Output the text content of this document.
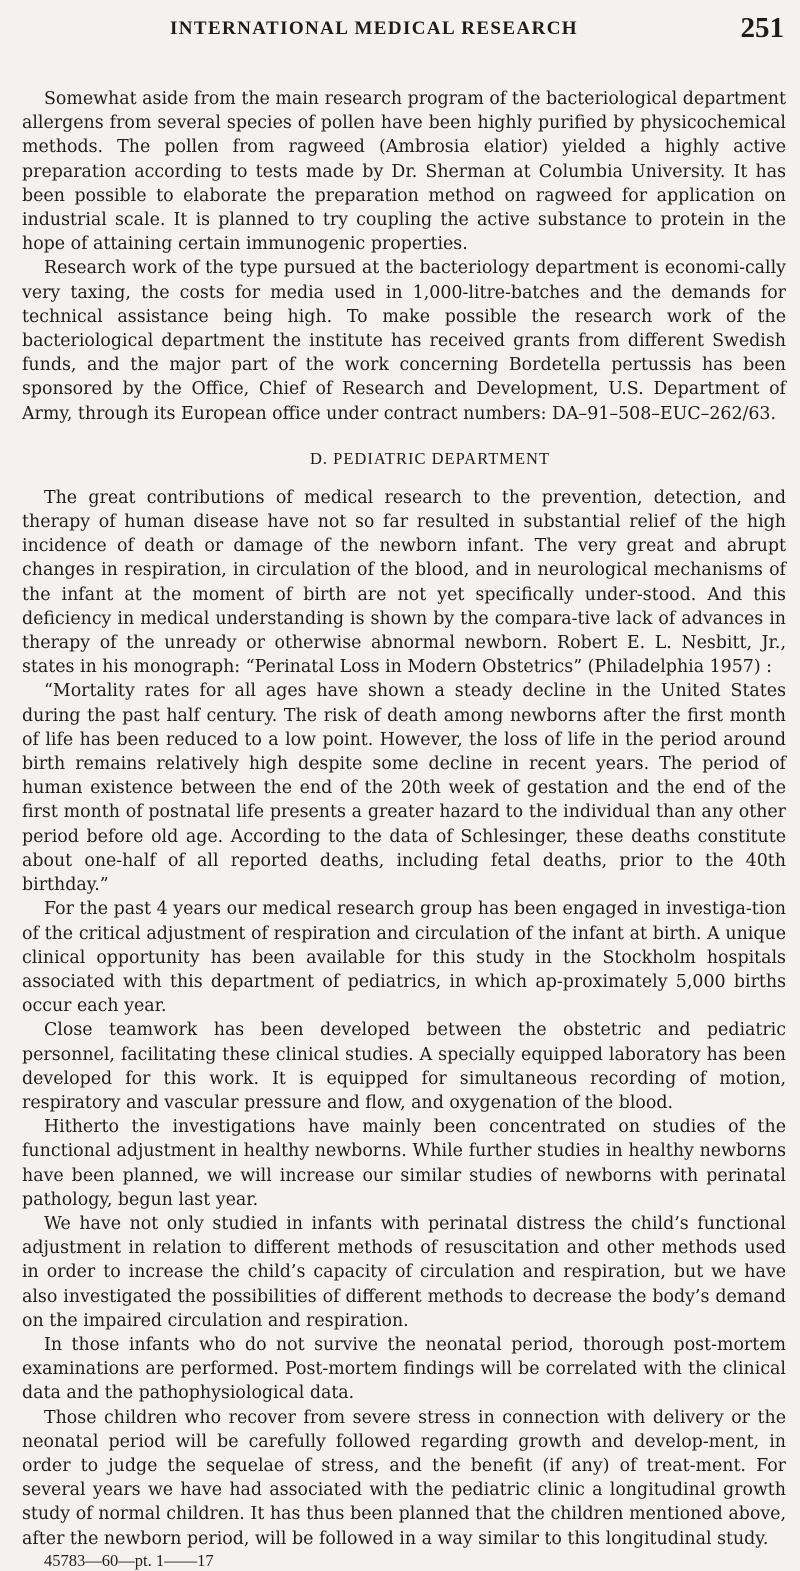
INTERNATIONAL MEDICAL RESEARCH	251

Somewhat aside from the main research program of the bacteriological department allergens from several species of pollen have been highly purified by physicochemical methods. The pollen from ragweed (Ambrosia elatior) yielded a highly active preparation according to tests made by Dr. Sherman at Columbia University. It has been possible to elaborate the preparation method on ragweed for application on industrial scale. It is planned to try coupling the active substance to protein in the hope of attaining certain immunogenic properties.

Research work of the type pursued at the bacteriology department is economi-cally very taxing, the costs for media used in 1,000-litre-batches and the demands for technical assistance being high. To make possible the research work of the bacteriological department the institute has received grants from different Swedish funds, and the major part of the work concerning Bordetella pertussis has been sponsored by the Office, Chief of Research and Development, U.S. Department of Army, through its European office under contract numbers: DA–91–508–EUC–262/63.

D. PEDIATRIC DEPARTMENT

The great contributions of medical research to the prevention, detection, and therapy of human disease have not so far resulted in substantial relief of the high incidence of death or damage of the newborn infant. The very great and abrupt changes in respiration, in circulation of the blood, and in neurological mechanisms of the infant at the moment of birth are not yet specifically under-stood. And this deficiency in medical understanding is shown by the compara-tive lack of advances in therapy of the unready or otherwise abnormal newborn. Robert E. L. Nesbitt, Jr., states in his monograph: “Perinatal Loss in Modern Obstetrics” (Philadelphia 1957) :

“Mortality rates for all ages have shown a steady decline in the United States during the past half century. The risk of death among newborns after the first month of life has been reduced to a low point. However, the loss of life in the period around birth remains relatively high despite some decline in recent years. The period of human existence between the end of the 20th week of gestation and the end of the first month of postnatal life presents a greater hazard to the individual than any other period before old age. According to the data of Schlesinger, these deaths constitute about one-half of all reported deaths, including fetal deaths, prior to the 40th birthday.”

For the past 4 years our medical research group has been engaged in investiga-tion of the critical adjustment of respiration and circulation of the infant at birth. A unique clinical opportunity has been available for this study in the Stockholm hospitals associated with this department of pediatrics, in which ap-proximately 5,000 births occur each year.

Close teamwork has been developed between the obstetric and pediatric personnel, facilitating these clinical studies. A specially equipped laboratory has been developed for this work. It is equipped for simultaneous recording of motion, respiratory and vascular pressure and flow, and oxygenation of the blood.

Hitherto the investigations have mainly been concentrated on studies of the functional adjustment in healthy newborns. While further studies in healthy newborns have been planned, we will increase our similar studies of newborns with perinatal pathology, begun last year.

We have not only studied in infants with perinatal distress the child’s functional adjustment in relation to different methods of resuscitation and other methods used in order to increase the child’s capacity of circulation and respiration, but we have also investigated the possibilities of different methods to decrease the body’s demand on the impaired circulation and respiration.

In those infants who do not survive the neonatal period, thorough post-mortem examinations are performed. Post-mortem findings will be correlated with the clinical data and the pathophysiological data.

Those children who recover from severe stress in connection with delivery or the neonatal period will be carefully followed regarding growth and develop-ment, in order to judge the sequelae of stress, and the benefit (if any) of treat-ment. For several years we have had associated with the pediatric clinic a longitudinal growth study of normal children. It has thus been planned that the children mentioned above, after the newborn period, will be followed in a way similar to this longitudinal study.

45783—60—pt. 1——17
